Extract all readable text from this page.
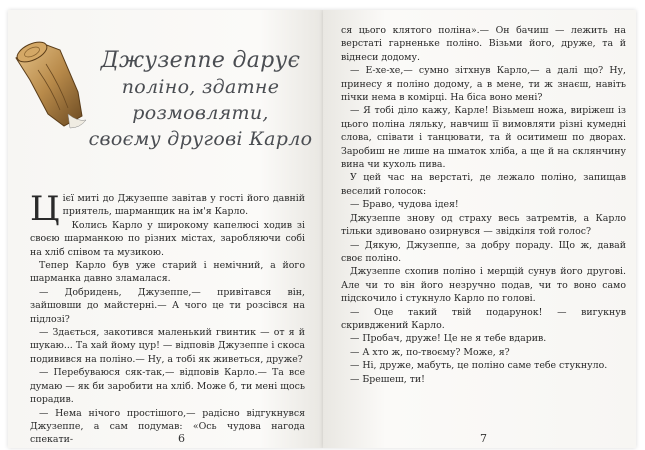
Джузеппе дарує
поліно, здатне розмовляти,
своєму другові Карло

Цієї миті до Джузеппе завітав у гості його давній приятель, шарманщик на ім'я Карло.

Колись Карло у широкому капелюсі ходив зі своєю шарманкою по різних містах, заробляючи собі на хліб співом та музикою.

Тепер Карло був уже старий і немічний, а його шарманка давно зламалася.

— Добридень, Джузеппе,— привітався він, зайшовши до майстерні.— А чого це ти розсівся на підлозі?

— Здається, закотився маленький гвинтик — от я й шукаю... Та хай йому цур! — відповів Джузеппе і скоса подивився на поліно.— Ну, а тобі як живеться, друже?

— Перебуваюся сяк-так,— відповів Карло.— Та все думаю — як би заробити на хліб. Може б, ти мені щось порадив.

— Нема нічого простішого,— радісно відгукнувся Джузеппе, а сам подумав: «Ось чудова нагода спекати-	6

ся цього клятого поліна».— Он бачиш — лежить на верстаті гарненьке поліно. Візьми його, друже, та й віднеси додому.

— Е-хе-хе,— сумно зітхнув Карло,— а далі що? Ну, принесу я поліно додому, а в мене, ти ж знаєш, навіть пічки нема в комірці. На біса воно мені?

— Я тобі діло кажу, Карле! Візьмеш ножа, виріжеш із цього поліна ляльку, навчиш її вимовляти різні кумедні слова, співати і танцювати, та й оситимеш по дворах. Заробиш не лише на шматок хліба, а ще й на склянчину вина чи кухоль пива.

У цей час на верстаті, де лежало поліно, запищав веселий голосок:

— Браво, чудова ідея!

Джузеппе знову од страху весь затремтів, а Карло тільки здивовано озирнувся — звідкіля той голос?

— Дякую, Джузеппе, за добру пораду. Що ж, давай своє поліно.

Джузеппе схопив поліно і мерщій сунув його другові. Але чи то він його незручно подав, чи то воно само підскочило і стукнуло Карло по голові.

— Оце такий твій подарунок! — вигукнув скривджений Карло.

— Пробач, друже! Це не я тебе вдарив.

— А хто ж, по-твоєму? Може, я?

— Ні, друже, мабуть, це поліно саме тебе стукнуло.

— Брешеш, ти!

7
